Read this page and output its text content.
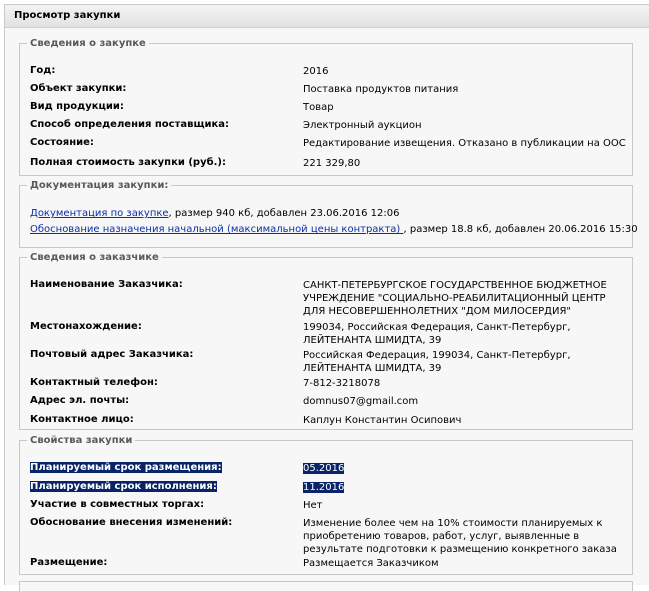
Просмотр закупки
Сведения о закупке
Год:	2016
Объект закупки:	Поставка продуктов питания
Вид продукции:	Товар
Способ определения поставщика:	Электронный аукцион
Состояние:	Редактирование извещения. Отказано в публикации на ООС
Полная стоимость закупки (руб.):	221 329,80
Документация закупки:
Документация по закупке, размер 940 кб, добавлен 23.06.2016 12:06
Обоснование назначения начальной (максимальной цены контракта) , размер 18.8 кб, добавлен 20.06.2016 15:30
Сведения о заказчике
Наименование Заказчика:	САНКТ-ПЕТЕРБУРГСКОЕ ГОСУДАРСТВЕННОЕ БЮДЖЕТНОЕ УЧРЕЖДЕНИЕ "СОЦИАЛЬНО-РЕАБИЛИТАЦИОННЫЙ ЦЕНТР ДЛЯ НЕСОВЕРШЕННОЛЕТНИХ "ДОМ МИЛОСЕРДИЯ"
Местонахождение:	199034, Российская Федерация, Санкт-Петербург, ЛЕЙТЕНАНТА ШМИДТА, 39
Почтовый адрес Заказчика:	Российская Федерация, 199034, Санкт-Петербург, ЛЕЙТЕНАНТА ШМИДТА, 39
Контактный телефон:	7-812-3218078
Адрес эл. почты:	domnus07@gmail.com
Контактное лицо:	Каплун Константин Осипович
Свойства закупки
Планируемый срок размещения:	05.2016
Планируемый срок исполнения:	11.2016
Участие в совместных торгах:	Нет
Обоснование внесения изменений:	Изменение более чем на 10% стоимости планируемых к приобретению товаров, работ, услуг, выявленные в результате подготовки к размещению конкретного заказа
Размещение:	Размещается Заказчиком
